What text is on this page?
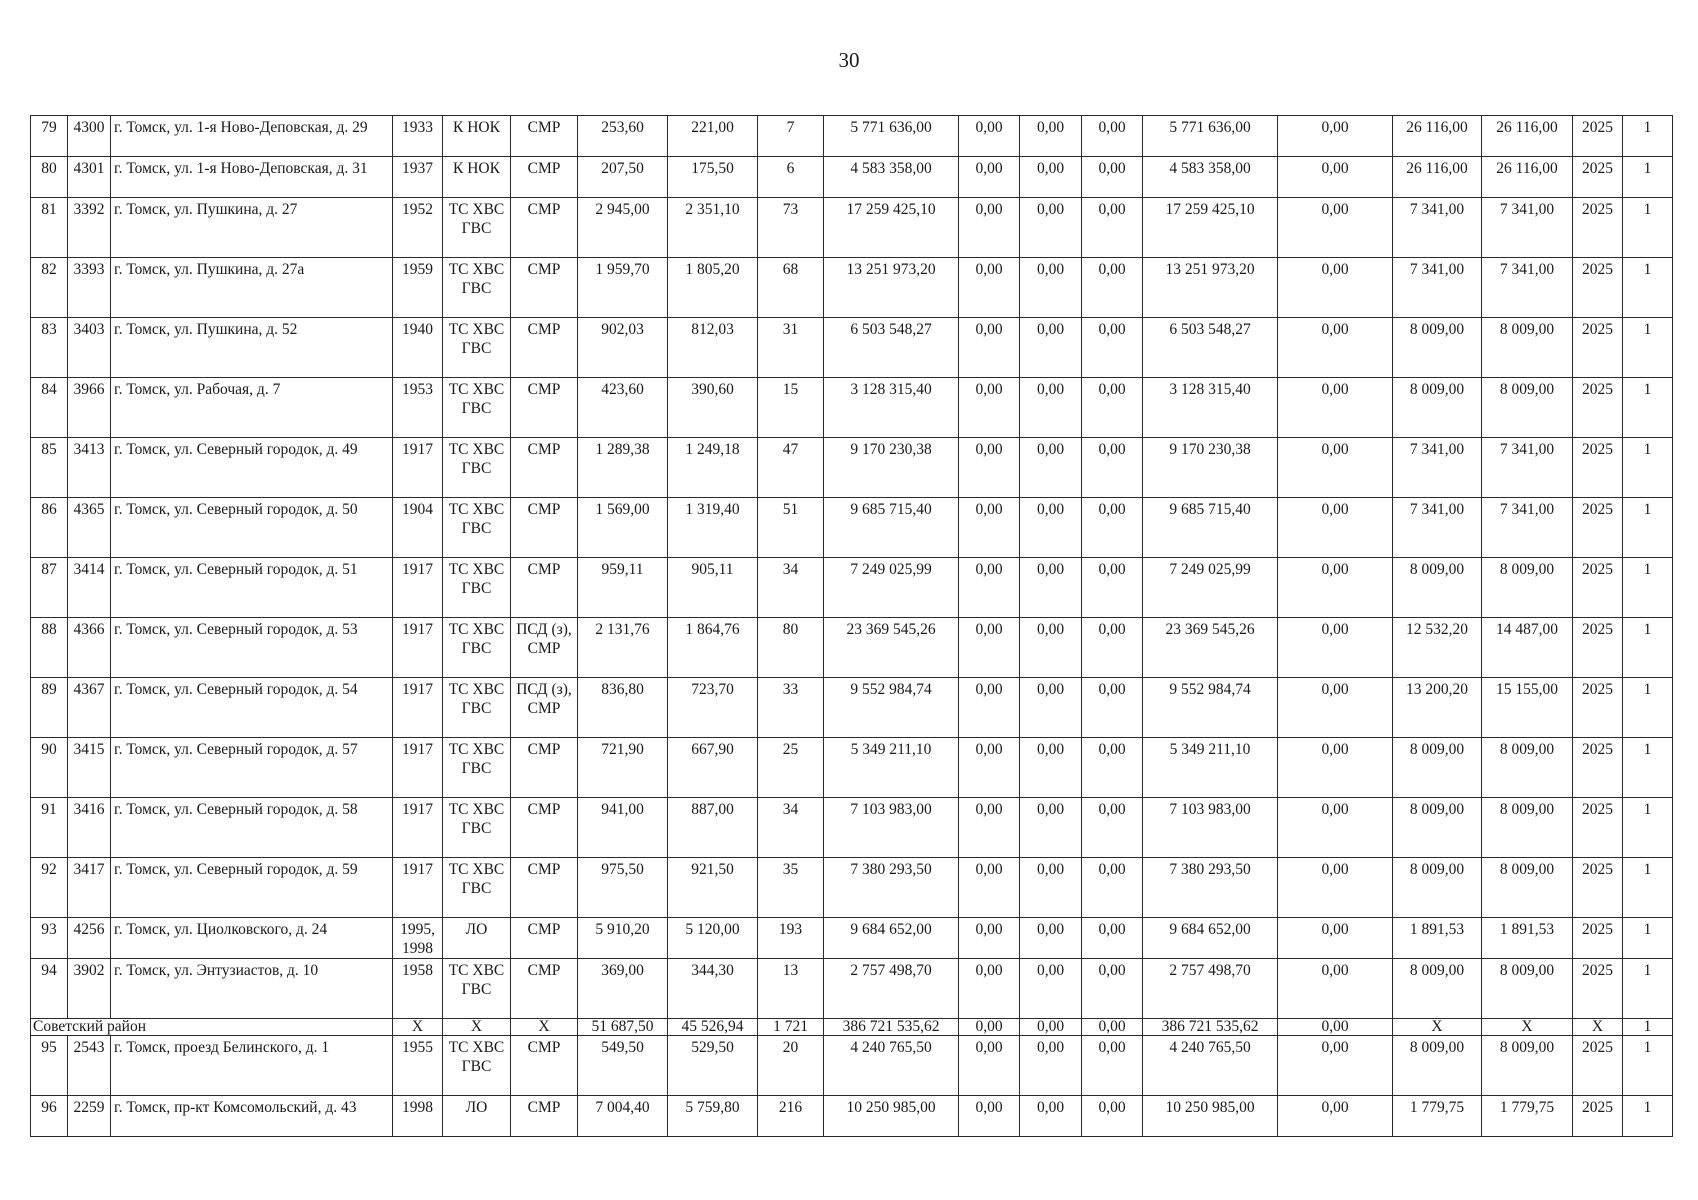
30
79	4300	г. Томск, ул. 1-я Ново-Деповская, д. 29	1933	К НОК	СМР	253,60	221,00	7	5 771 636,00	0,00	0,00	0,00	5 771 636,00	0,00	26 116,00	26 116,00	2025	1
80	4301	г. Томск, ул. 1-я Ново-Деповская, д. 31	1937	К НОК	СМР	207,50	175,50	6	4 583 358,00	0,00	0,00	0,00	4 583 358,00	0,00	26 116,00	26 116,00	2025	1
81	3392	г. Томск, ул. Пушкина, д. 27	1952	ТС ХВС ГВС	СМР	2 945,00	2 351,10	73	17 259 425,10	0,00	0,00	0,00	17 259 425,10	0,00	7 341,00	7 341,00	2025	1
82	3393	г. Томск, ул. Пушкина, д. 27а	1959	ТС ХВС ГВС	СМР	1 959,70	1 805,20	68	13 251 973,20	0,00	0,00	0,00	13 251 973,20	0,00	7 341,00	7 341,00	2025	1
83	3403	г. Томск, ул. Пушкина, д. 52	1940	ТС ХВС ГВС	СМР	902,03	812,03	31	6 503 548,27	0,00	0,00	0,00	6 503 548,27	0,00	8 009,00	8 009,00	2025	1
84	3966	г. Томск, ул. Рабочая, д. 7	1953	ТС ХВС ГВС	СМР	423,60	390,60	15	3 128 315,40	0,00	0,00	0,00	3 128 315,40	0,00	8 009,00	8 009,00	2025	1
85	3413	г. Томск, ул. Северный городок, д. 49	1917	ТС ХВС ГВС	СМР	1 289,38	1 249,18	47	9 170 230,38	0,00	0,00	0,00	9 170 230,38	0,00	7 341,00	7 341,00	2025	1
86	4365	г. Томск, ул. Северный городок, д. 50	1904	ТС ХВС ГВС	СМР	1 569,00	1 319,40	51	9 685 715,40	0,00	0,00	0,00	9 685 715,40	0,00	7 341,00	7 341,00	2025	1
87	3414	г. Томск, ул. Северный городок, д. 51	1917	ТС ХВС ГВС	СМР	959,11	905,11	34	7 249 025,99	0,00	0,00	0,00	7 249 025,99	0,00	8 009,00	8 009,00	2025	1
88	4366	г. Томск, ул. Северный городок, д. 53	1917	ТС ХВС ГВС	ПСД (з), СМР	2 131,76	1 864,76	80	23 369 545,26	0,00	0,00	0,00	23 369 545,26	0,00	12 532,20	14 487,00	2025	1
89	4367	г. Томск, ул. Северный городок, д. 54	1917	ТС ХВС ГВС	ПСД (з), СМР	836,80	723,70	33	9 552 984,74	0,00	0,00	0,00	9 552 984,74	0,00	13 200,20	15 155,00	2025	1
90	3415	г. Томск, ул. Северный городок, д. 57	1917	ТС ХВС ГВС	СМР	721,90	667,90	25	5 349 211,10	0,00	0,00	0,00	5 349 211,10	0,00	8 009,00	8 009,00	2025	1
91	3416	г. Томск, ул. Северный городок, д. 58	1917	ТС ХВС ГВС	СМР	941,00	887,00	34	7 103 983,00	0,00	0,00	0,00	7 103 983,00	0,00	8 009,00	8 009,00	2025	1
92	3417	г. Томск, ул. Северный городок, д. 59	1917	ТС ХВС ГВС	СМР	975,50	921,50	35	7 380 293,50	0,00	0,00	0,00	7 380 293,50	0,00	8 009,00	8 009,00	2025	1
93	4256	г. Томск, ул. Циолковского, д. 24	1995, 1998	ЛО	СМР	5 910,20	5 120,00	193	9 684 652,00	0,00	0,00	0,00	9 684 652,00	0,00	1 891,53	1 891,53	2025	1
94	3902	г. Томск, ул. Энтузиастов, д. 10	1958	ТС ХВС ГВС	СМР	369,00	344,30	13	2 757 498,70	0,00	0,00	0,00	2 757 498,70	0,00	8 009,00	8 009,00	2025	1
Советский район			X	X	X	51 687,50	45 526,94	1 721	386 721 535,62	0,00	0,00	0,00	386 721 535,62	0,00	X	X	X	1
95	2543	г. Томск, проезд Белинского, д. 1	1955	ТС ХВС ГВС	СМР	549,50	529,50	20	4 240 765,50	0,00	0,00	0,00	4 240 765,50	0,00	8 009,00	8 009,00	2025	1
96	2259	г. Томск, пр-кт Комсомольский, д. 43	1998	ЛО	СМР	7 004,40	5 759,80	216	10 250 985,00	0,00	0,00	0,00	10 250 985,00	0,00	1 779,75	1 779,75	2025	1
